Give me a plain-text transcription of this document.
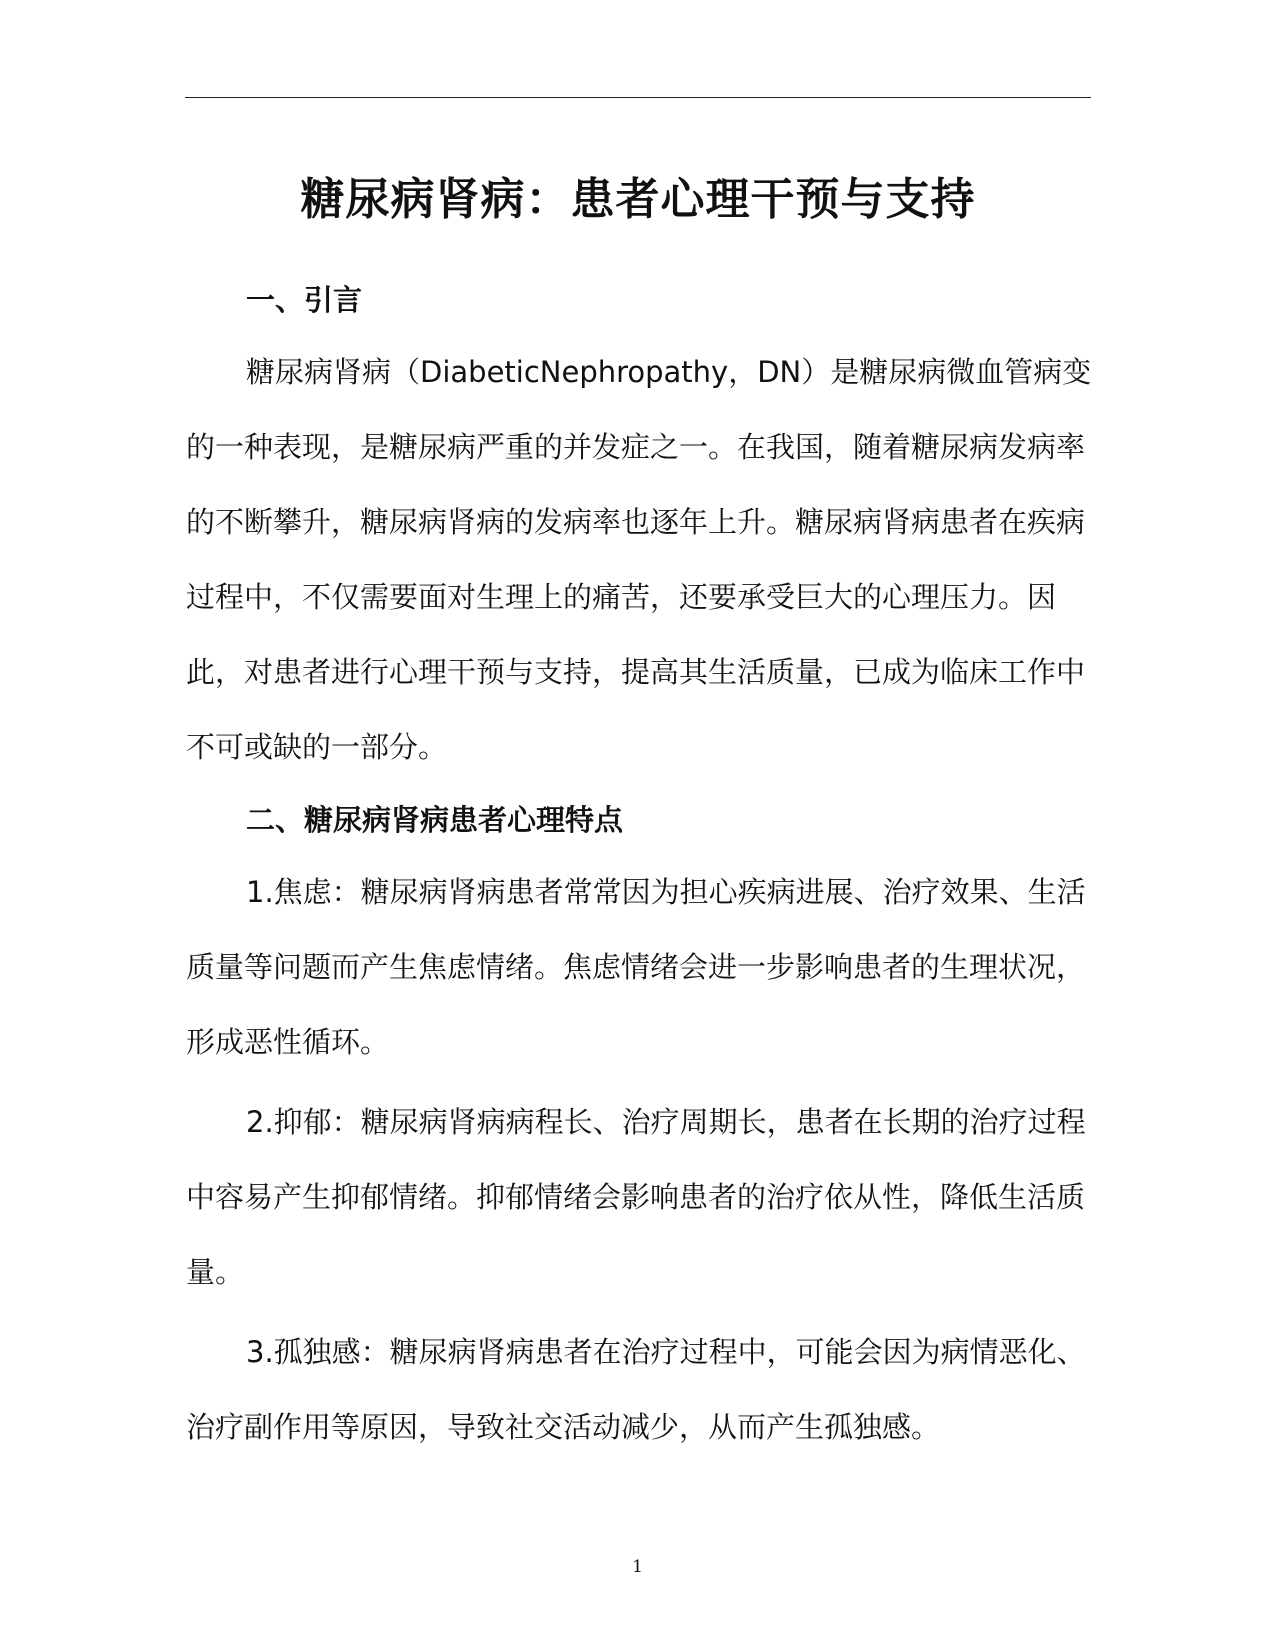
糖尿病肾病：患者心理干预与支持
一、引言

糖尿病肾病（DiabeticNephropathy，DN）是糖尿病微血管病变的一种表现，是糖尿病严重的并发症之一。在我国，随着糖尿病发病率的不断攀升，糖尿病肾病的发病率也逐年上升。糖尿病肾病患者在疾病过程中，不仅需要面对生理上的痛苦，还要承受巨大的心理压力。因此，对患者进行心理干预与支持，提高其生活质量，已成为临床工作中不可或缺的一部分。

二、糖尿病肾病患者心理特点

1.焦虑：糖尿病肾病患者常常因为担心疾病进展、治疗效果、生活质量等问题而产生焦虑情绪。焦虑情绪会进一步影响患者的生理状况，形成恶性循环。

2.抑郁：糖尿病肾病病程长、治疗周期长，患者在长期的治疗过程中容易产生抑郁情绪。抑郁情绪会影响患者的治疗依从性，降低生活质量。

3.孤独感：糖尿病肾病患者在治疗过程中，可能会因为病情恶化、治疗副作用等原因，导致社交活动减少，从而产生孤独感。

1
